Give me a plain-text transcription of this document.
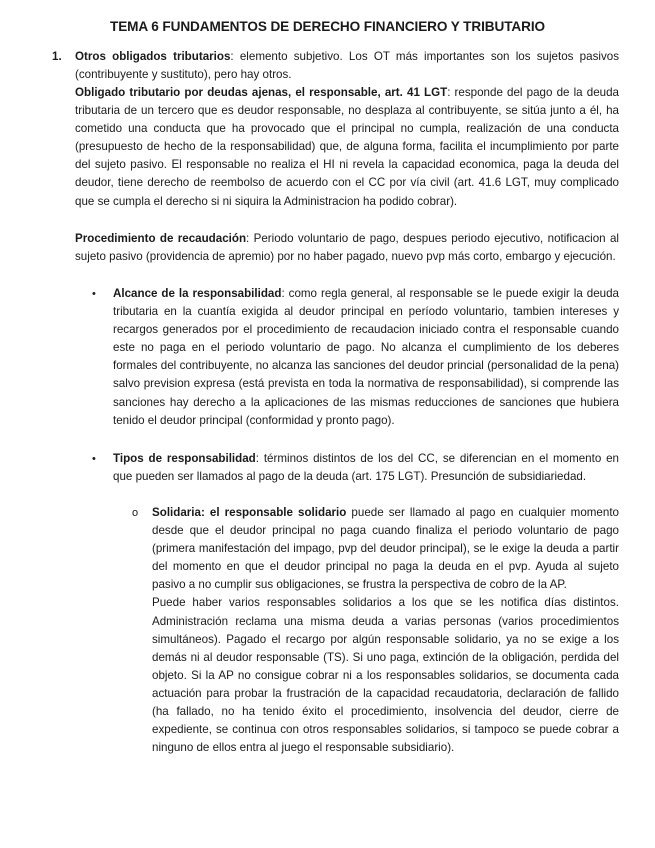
TEMA 6 FUNDAMENTOS DE DERECHO FINANCIERO Y TRIBUTARIO
1. Otros obligados tributarios: elemento subjetivo. Los OT más importantes son los sujetos pasivos (contribuyente y sustituto), pero hay otros.

Obligado tributario por deudas ajenas, el responsable, art. 41 LGT: responde del pago de la deuda tributaria de un tercero que es deudor responsable, no desplaza al contribuyente, se sitúa junto a él, ha cometido una conducta que ha provocado que el principal no cumpla, realización de una conducta (presupuesto de hecho de la responsabilidad) que, de alguna forma, facilita el incumplimiento por parte del sujeto pasivo. El responsable no realiza el HI ni revela la capacidad economica, paga la deuda del deudor, tiene derecho de reembolso de acuerdo con el CC por vía civil (art. 41.6 LGT, muy complicado que se cumpla el derecho si ni siquira la Administracion ha podido cobrar).

Procedimiento de recaudación: Periodo voluntario de pago, despues periodo ejecutivo, notificacion al sujeto pasivo (providencia de apremio) por no haber pagado, nuevo pvp más corto, embargo y ejecución.

• Alcance de la responsabilidad: como regla general, al responsable se le puede exigir la deuda tributaria en la cuantía exigida al deudor principal en período voluntario, tambien intereses y recargos generados por el procedimiento de recaudacion iniciado contra el responsable cuando este no paga en el periodo voluntario de pago. No alcanza el cumplimiento de los deberes formales del contribuyente, no alcanza las sanciones del deudor princial (personalidad de la pena) salvo prevision expresa (está prevista en toda la normativa de responsabilidad), si comprende las sanciones hay derecho a la aplicaciones de las mismas reducciones de sanciones que hubiera tenido el deudor principal (conformidad y pronto pago).

• Tipos de responsabilidad: términos distintos de los del CC, se diferencian en el momento en que pueden ser llamados al pago de la deuda (art. 175 LGT). Presunción de subsidiariedad.

o Solidaria: el responsable solidario puede ser llamado al pago en cualquier momento desde que el deudor principal no paga cuando finaliza el periodo voluntario de pago (primera manifestación del impago, pvp del deudor principal), se le exige la deuda a partir del momento en que el deudor principal no paga la deuda en el pvp. Ayuda al sujeto pasivo a no cumplir sus obligaciones, se frustra la perspectiva de cobro de la AP.

Puede haber varios responsables solidarios a los que se les notifica días distintos. Administración reclama una misma deuda a varias personas (varios procedimientos simultáneos). Pagado el recargo por algún responsable solidario, ya no se exige a los demás ni al deudor responsable (TS). Si uno paga, extinción de la obligación, perdida del objeto. Si la AP no consigue cobrar ni a los responsables solidarios, se documenta cada actuación para probar la frustración de la capacidad recaudatoria, declaración de fallido (ha fallado, no ha tenido éxito el procedimiento, insolvencia del deudor, cierre de expediente, se continua con otros responsables solidarios, si tampoco se puede cobrar a ninguno de ellos entra al juego el responsable subsidiario).
